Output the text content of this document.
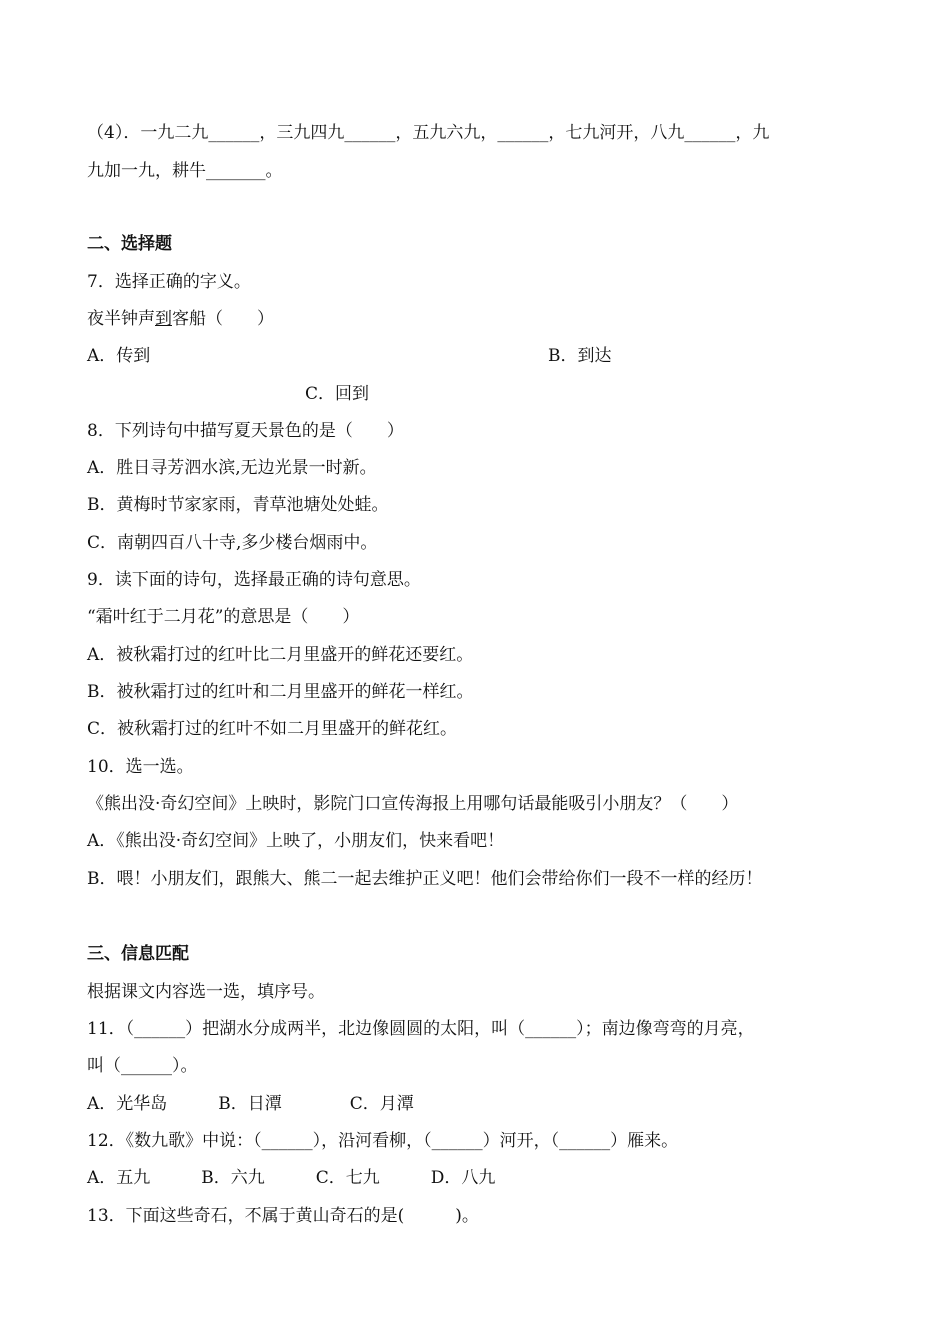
（4）．一九二九______，三九四九______，五九六九，______，七九河开，八九______，九
九加一九，耕牛_______。
二、选择题
7．选择正确的字义。
夜半钟声到客船（　　）
A．传到	B．到达
C．回到
8．下列诗句中描写夏天景色的是（　　）
A．胜日寻芳泗水滨,无边光景一时新。
B．黄梅时节家家雨，青草池塘处处蛙。
C．南朝四百八十寺,多少楼台烟雨中。
9．读下面的诗句，选择最正确的诗句意思。
“霜叶红于二月花”的意思是（　　）
A．被秋霜打过的红叶比二月里盛开的鲜花还要红。
B．被秋霜打过的红叶和二月里盛开的鲜花一样红。
C．被秋霜打过的红叶不如二月里盛开的鲜花红。
10．选一选。
《熊出没·奇幻空间》上映时，影院门口宣传海报上用哪句话最能吸引小朋友？（　　）
A．《熊出没·奇幻空间》上映了，小朋友们，快来看吧！
B．喂！小朋友们，跟熊大、熊二一起去维护正义吧！他们会带给你们一段不一样的经历！
三、信息匹配
根据课文内容选一选，填序号。
11．（______）把湖水分成两半，北边像圆圆的太阳，叫（______）；南边像弯弯的月亮，
叫（______）。
A．光华岛　　　B．日潭　　　　C．月潭
12．《数九歌》中说：（______），沿河看柳，（______）河开，（______）雁来。
A．五九　　　B．六九　　　C．七九　　　D．八九
13．下面这些奇石，不属于黄山奇石的是(　　　)。
